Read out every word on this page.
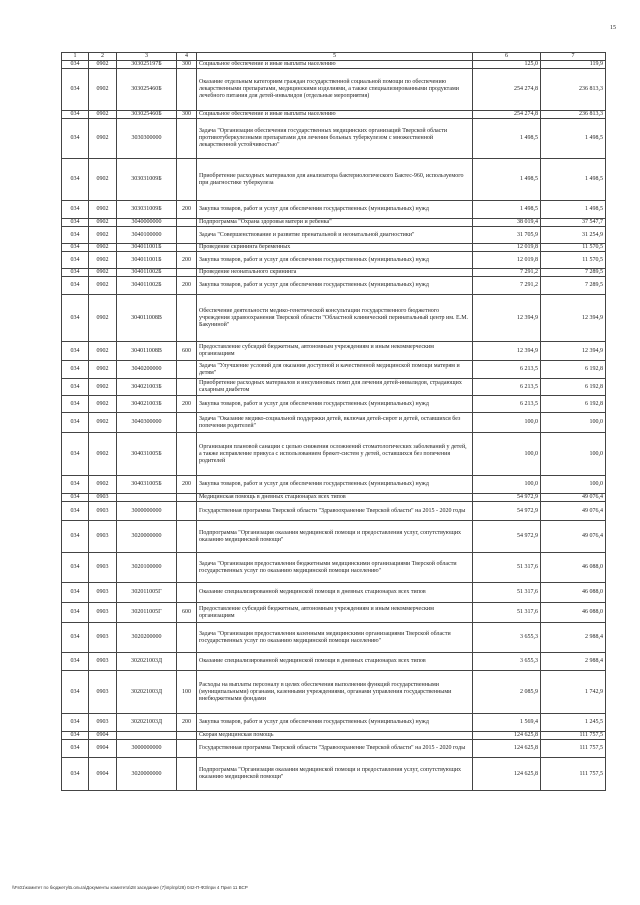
15
1	2	3	4	5	6	7
034	0902	303025197Б	300	Социальное обеспечение и иные выплаты населению	125,0	119,9
034	0902	303025460Б		Оказание отдельным категориям граждан государственной социальной помощи по обеспечению лекарственными препаратами, медицинскими изделиями, а также специализированными продуктами лечебного питания для детей-инвалидов (отдельные мероприятия)	254 274,8	236 813,3
034	0902	303025460Б	300	Социальное обеспечение и иные выплаты населению	254 274,8	236 813,3
034	0902	3030300000		Задача "Организация обеспечения государственных медицинских организаций Тверской области противотуберкулезными препаратами для лечения больных туберкулезом с множественной лекарственной устойчивостью"	1 498,5	1 498,5
034	0902	303031009Б		Приобретение расходных материалов для анализатора бактериологического Бактес-960, используемого при диагностике туберкулеза	1 498,5	1 498,5
034	0902	303031009Б	200	Закупка товаров, работ и услуг для обеспечения государственных (муниципальных) нужд	1 498,5	1 498,5
034	0902	3040000000		Подпрограмма "Охрана здоровья матери и ребенка"	38 019,4	37 547,7
034	0902	3040100000		Задача "Совершенствование и развитие пренатальной и неонатальной диагностики"	31 705,9	31 254,9
034	0902	304011001Б		Проведение скрининга беременных	12 019,8	11 570,5
034	0902	304011001Б	200	Закупка товаров, работ и услуг для обеспечения государственных (муниципальных) нужд	12 019,8	11 570,5
034	0902	304011002Б		Проведение неонатального скрининга	7 291,2	7 289,5
034	0902	304011002Б	200	Закупка товаров, работ и услуг для обеспечения государственных (муниципальных) нужд	7 291,2	7 289,5
034	0902	304011008В		Обеспечение деятельности медико-генетической консультации государственного бюджетного учреждения здравоохранения Тверской области "Областной клинический перинатальный центр им. Е.М. Бакуниной"	12 394,9	12 394,9
034	0902	304011008В	600	Предоставление субсидий бюджетным, автономным учреждениям и иным некоммерческим организациям	12 394,9	12 394,9
034	0902	3040200000		Задача "Улучшение условий для оказания доступной и качественной медицинской помощи матерям и детям"	6 213,5	6 192,8
034	0902	304021003Б		Приобретение расходных материалов и инсулиновых помп для лечения детей-инвалидов, страдающих сахарным диабетом	6 213,5	6 192,8
034	0902	304021003Б	200	Закупка товаров, работ и услуг для обеспечения государственных (муниципальных) нужд	6 213,5	6 192,8
034	0902	3040300000		Задача "Оказание медико-социальной поддержки детей, включая детей-сирот и детей, оставшихся без попечения родителей"	100,0	100,0
034	0902	304031005Б		Организация плановой санации с целью снижения осложнений стоматологических заболеваний у детей, а также исправление прикуса с использованием брекет-систем у детей, оставшихся без попечения родителей	100,0	100,0
034	0902	304031005Б	200	Закупка товаров, работ и услуг для обеспечения государственных (муниципальных) нужд	100,0	100,0
034	0903			Медицинская помощь в дневных стационарах всех типов	54 972,9	49 076,4
034	0903	3000000000		Государственная программа Тверской области "Здравоохранение Тверской области" на 2015 - 2020 годы	54 972,9	49 076,4
034	0903	3020000000		Подпрограмма "Организация оказания медицинской помощи и предоставления услуг, сопутствующих оказанию медицинской помощи"	54 972,9	49 076,4
034	0903	3020100000		Задача "Организация предоставления бюджетными медицинскими организациями Тверской области государственных услуг по оказанию медицинской помощи населению"	51 317,6	46 088,0
034	0903	302011005Г		Оказание специализированной медицинской помощи в дневных стационарах всех типов	51 317,6	46 088,0
034	0903	302011005Г	600	Предоставление субсидий бюджетным, автономным учреждениям и иным некоммерческим организациям	51 317,6	46 088,0
034	0903	3020200000		Задача "Организация предоставления казенными медицинскими организациями Тверской области государственных услуг по оказанию медицинской помощи населению"	3 655,3	2 988,4
034	0903	302021003Д		Оказание специализированной медицинской помощи в дневных стационарах всех типов	3 655,3	2 988,4
034	0903	302021003Д	100	Расходы на выплаты персоналу в целях обеспечения выполнения функций государственными (муниципальными) органами, казенными учреждениями, органами управления государственными внебюджетными фондами	2 085,9	1 742,9
034	0903	302021003Д	200	Закупка товаров, работ и услуг для обеспечения государственных (муниципальных) нужд	1 569,4	1 245,5
034	0904			Скорая медицинская помощь	124 625,8	111 757,5
034	0904	3000000000		Государственная программа Тверской области "Здравоохранение Тверской области" на 2015 - 2020 годы	124 625,8	111 757,5
034	0904	3020000000		Подпрограмма "Организация оказания медицинской помощи и предоставления услуг, сопутствующих оказанию медицинской помощи"	124 625,8	111 757,5
\\Fs01\комитет по бюджету\Б.ольга\Документы комитета\28 заседание (7)\пр\пр\28) 042-П-ФЗ\при 4 Прил 11 ВСР
